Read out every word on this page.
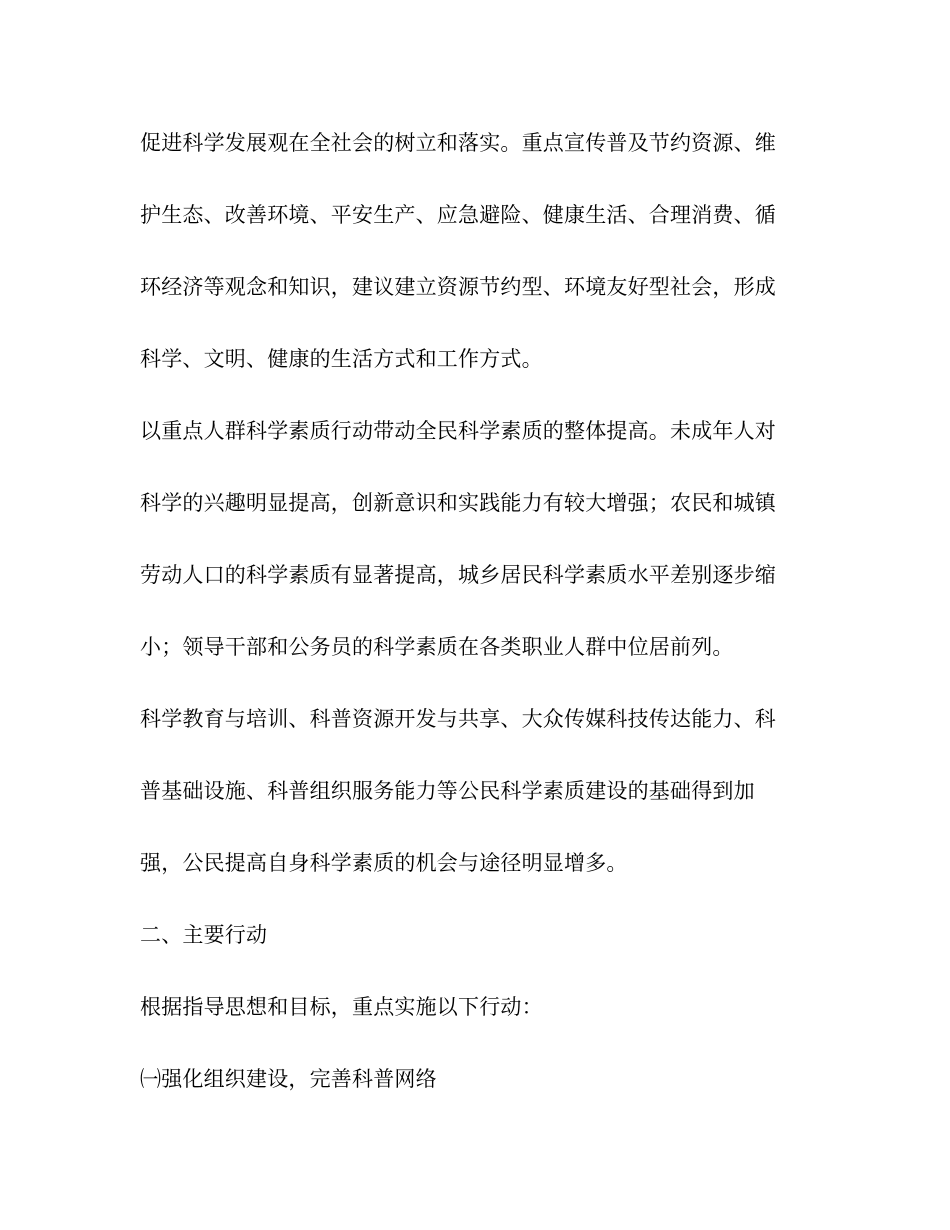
促进科学发展观在全社会的树立和落实。重点宣传普及节约资源、维
护生态、改善环境、平安生产、应急避险、健康生活、合理消费、循
环经济等观念和知识，建议建立资源节约型、环境友好型社会，形成
科学、文明、健康的生活方式和工作方式。
以重点人群科学素质行动带动全民科学素质的整体提高。未成年人对
科学的兴趣明显提高，创新意识和实践能力有较大增强；农民和城镇
劳动人口的科学素质有显著提高，城乡居民科学素质水平差别逐步缩
小；领导干部和公务员的科学素质在各类职业人群中位居前列。
科学教育与培训、科普资源开发与共享、大众传媒科技传达能力、科
普基础设施、科普组织服务能力等公民科学素质建设的基础得到加
强，公民提高自身科学素质的机会与途径明显增多。
二、主要行动
根据指导思想和目标，重点实施以下行动：
㈠强化组织建设，完善科普网络
